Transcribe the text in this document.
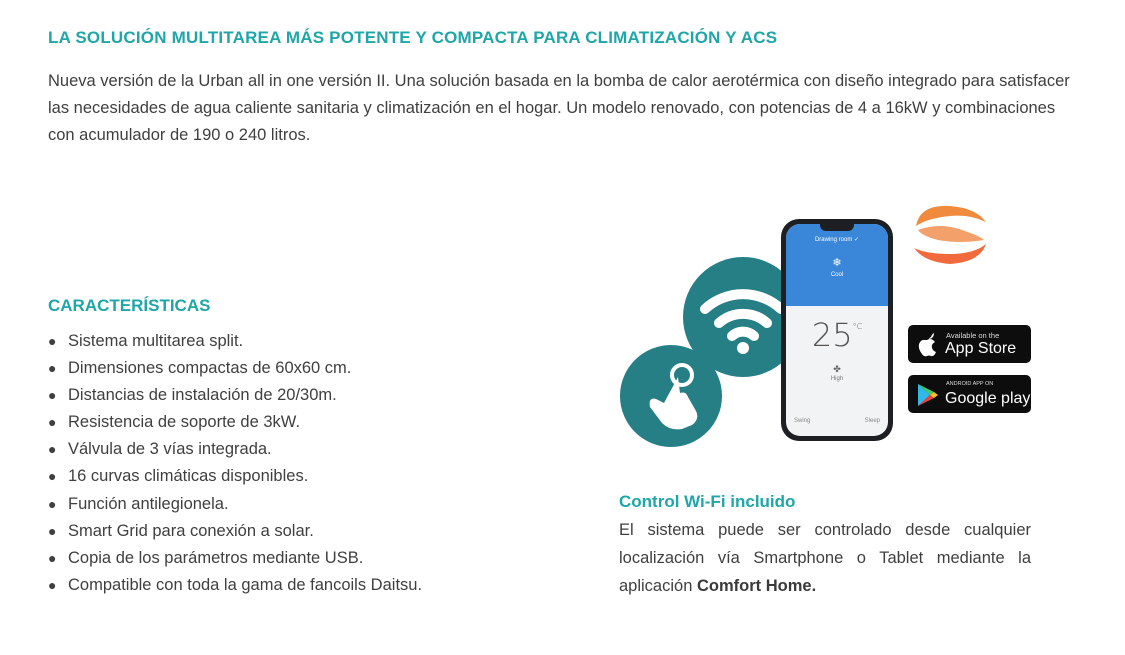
LA SOLUCIÓN MULTITAREA MÁS POTENTE Y COMPACTA PARA CLIMATIZACIÓN Y ACS

Nueva versión de la Urban all in one versión II. Una solución basada en la bomba de calor aerotérmica con diseño integrado para satisfacer las necesidades de agua caliente sanitaria y climatización en el hogar. Un modelo renovado, con potencias de 4 a 16kW y combinaciones con acumulador de 190 o 240 litros.

CARACTERÍSTICAS
● Sistema multitarea split.
● Dimensiones compactas de 60x60 cm.
● Distancias de instalación de 20/30m.
● Resistencia de soporte de 3kW.
● Válvula de 3 vías integrada.
● 16 curvas climáticas disponibles.
● Función antilegionela.
● Smart Grid para conexión a solar.
● Copia de los parámetros mediante USB.
● Compatible con toda la gama de fancoils Daitsu.
Drawing room ✓
❄
Cool
$25^{^\circ C}$
✤
High
Swing	Sleep
Available on the
App Store
ANDROID APP ON
Google play
Control Wi-Fi incluido

El sistema puede ser controlado desde cualquier localización vía Smartphone o Tablet mediante la aplicación Comfort Home.
